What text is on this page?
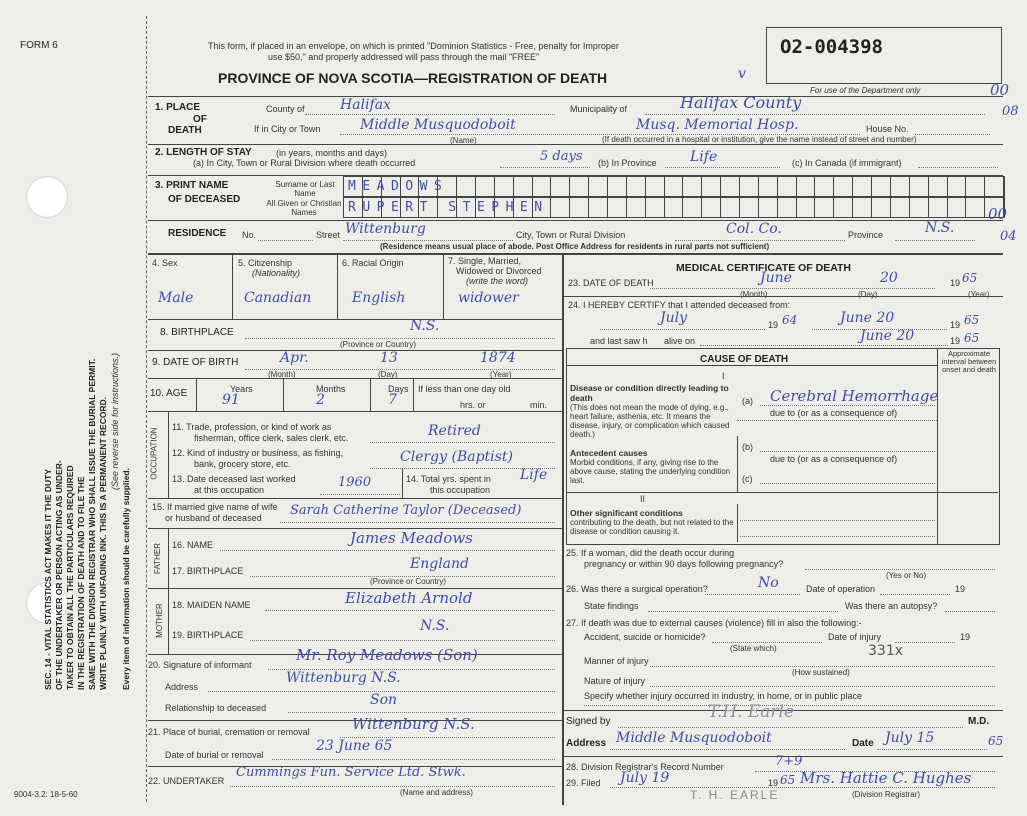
SEC. 14 - VITAL STATISTICS ACT MAKES IT THE DUTY OF THE UNDERTAKER OR PERSON ACTING AS UNDER- TAKER TO OBTAIN ALL THE PARTICULARS REQUIRED IN THE REGISTRATION OF DEATH AND TO FILE THE SAME WITH THE DIVISION REGISTRAR WHO SHALL ISSUE THE BURIAL PERMIT. WRITE PLAINLY WITH UNFADING INK. THIS IS A PERMANENT RECORD. (See reverse side for instructions.)
Every item of information should be carefully supplied.
FORM 6
9004-3.2: 18-5-60
This form, if placed in an envelope, on which is printed "Dominion Statistics - Free, penalty for Improper
use $50," and properly addressed will pass through the mail "FREE"
PROVINCE OF NOVA SCOTIA—REGISTRATION OF DEATH
O2-004398
For use of the Department only
v
1. PLACE
OF
DEATH
County of	Halifax	Municipality of	Halifax County
If in City or Town	Middle Musquodoboit	Musq. Memorial Hosp.
(Name)	(If death occurred in a hospital or institution, give the name instead of street and number)
House No.
2. LENGTH OF STAY	(in years, months and days)
(a) In City, Town or Rural Division where death occurred	5 days (b) In Province Life	(c) In Canada (if immigrant)
3. PRINT NAME
OF DECEASED
Surname or Last Name
All Given or Christian Names
MEADOWS
RUPERT STEPHEN
RESIDENCE No.	Street Wittenburg	City, Town or Rural Division	Col. Co.	Province	N.S.
(Residence means usual place of abode. Post Office Address for residents in rural parts not sufficient)
00
08
00
04
4. Sex
Male
5. Citizenship
(Nationality)
Canadian
6. Racial Origin
English
7. Single, Married,
Widowed or Divorced
(write the word)
widower
8. BIRTHPLACE	N.S.
(Province or Country)
9. DATE OF BIRTH	Apr.	13	1874
(Month)	(Day)	(Year)
10. AGE	Years	Months	Days
91	2	7
If less than one day old
hrs. or	min.
OCCUPATION
11. Trade, profession, or kind of work as
fisherman, office clerk, sales clerk, etc.	Retired
12. Kind of industry or business, as fishing,
bank, grocery store, etc.	Clergy (Baptist)
13. Date deceased last worked
at this occupation	1960	14. Total yrs. spent in
this occupation
Life
15. If married give name of wife
or husband of deceased Sarah Catherine Taylor (Deceased)
FATHER 16. NAME	James Meadows
17. BIRTHPLACE	England
(Province or Country)
MOTHER 18. MAIDEN NAME	Elizabeth Arnold
19. BIRTHPLACE
N.S.
20. Signature of informant
Mr. Roy Meadows (Son)
Address
Wittenburg N.S.
Relationship to deceased	Son
21. Place of burial, cremation or removal	Wittenburg N.S.
Date of burial or removal
23 June 65
22. UNDERTAKER
Cummings Fun. Service Ltd. Stwk.
(Name and address)
MEDICAL CERTIFICATE OF DEATH
23. DATE OF DEATH	June	20	19 65
(Month)	(Day)	(Year)
24. I HEREBY CERTIFY that I attended deceased from:
July	19 64	June 20	19 65
and last saw h alive on	June 20	19 65
CAUSE OF DEATH
Approximate interval between onset and death
I
Disease or condition directly leading to death
(This does not mean the mode of dying, e.g., heart failure, asthenia, etc. It means the disease, injury, or complication which caused death.)
(a) Cerebral Hemorrhage
due to (or as a consequence of)
Antecedent causes
Morbid conditions, if any, giving rise to the above cause, stating the underlying condition last.
(b)
due to (or as a consequence of)
(c)
II
Other significant conditions
contributing to the death, but not related to the disease or condition causing it.
25. If a woman, did the death occur during
pregnancy or within 90 days following pregnancy?
(Yes or No)
26. Was there a surgical operation?	No	Date of operation	19
State findings	Was there an autopsy?
27. If death was due to external causes (violence) fill in also the following:-
Accident, suicide or homicide?	Date of injury	19
(State which)
Manner of injury
331x
(How sustained)
Nature of injury
Specify whether injury occurred in industry, in home, or in public place
Signed by	T.H. Earle	M.D.
Address Middle Musquodoboit	Date July 15	65
28. Division Registrar's Record Number	7+9
29. Filed July 19	19 65 Mrs. Hattie C. Hughes
(Division Registrar)
T. H. EARLE
